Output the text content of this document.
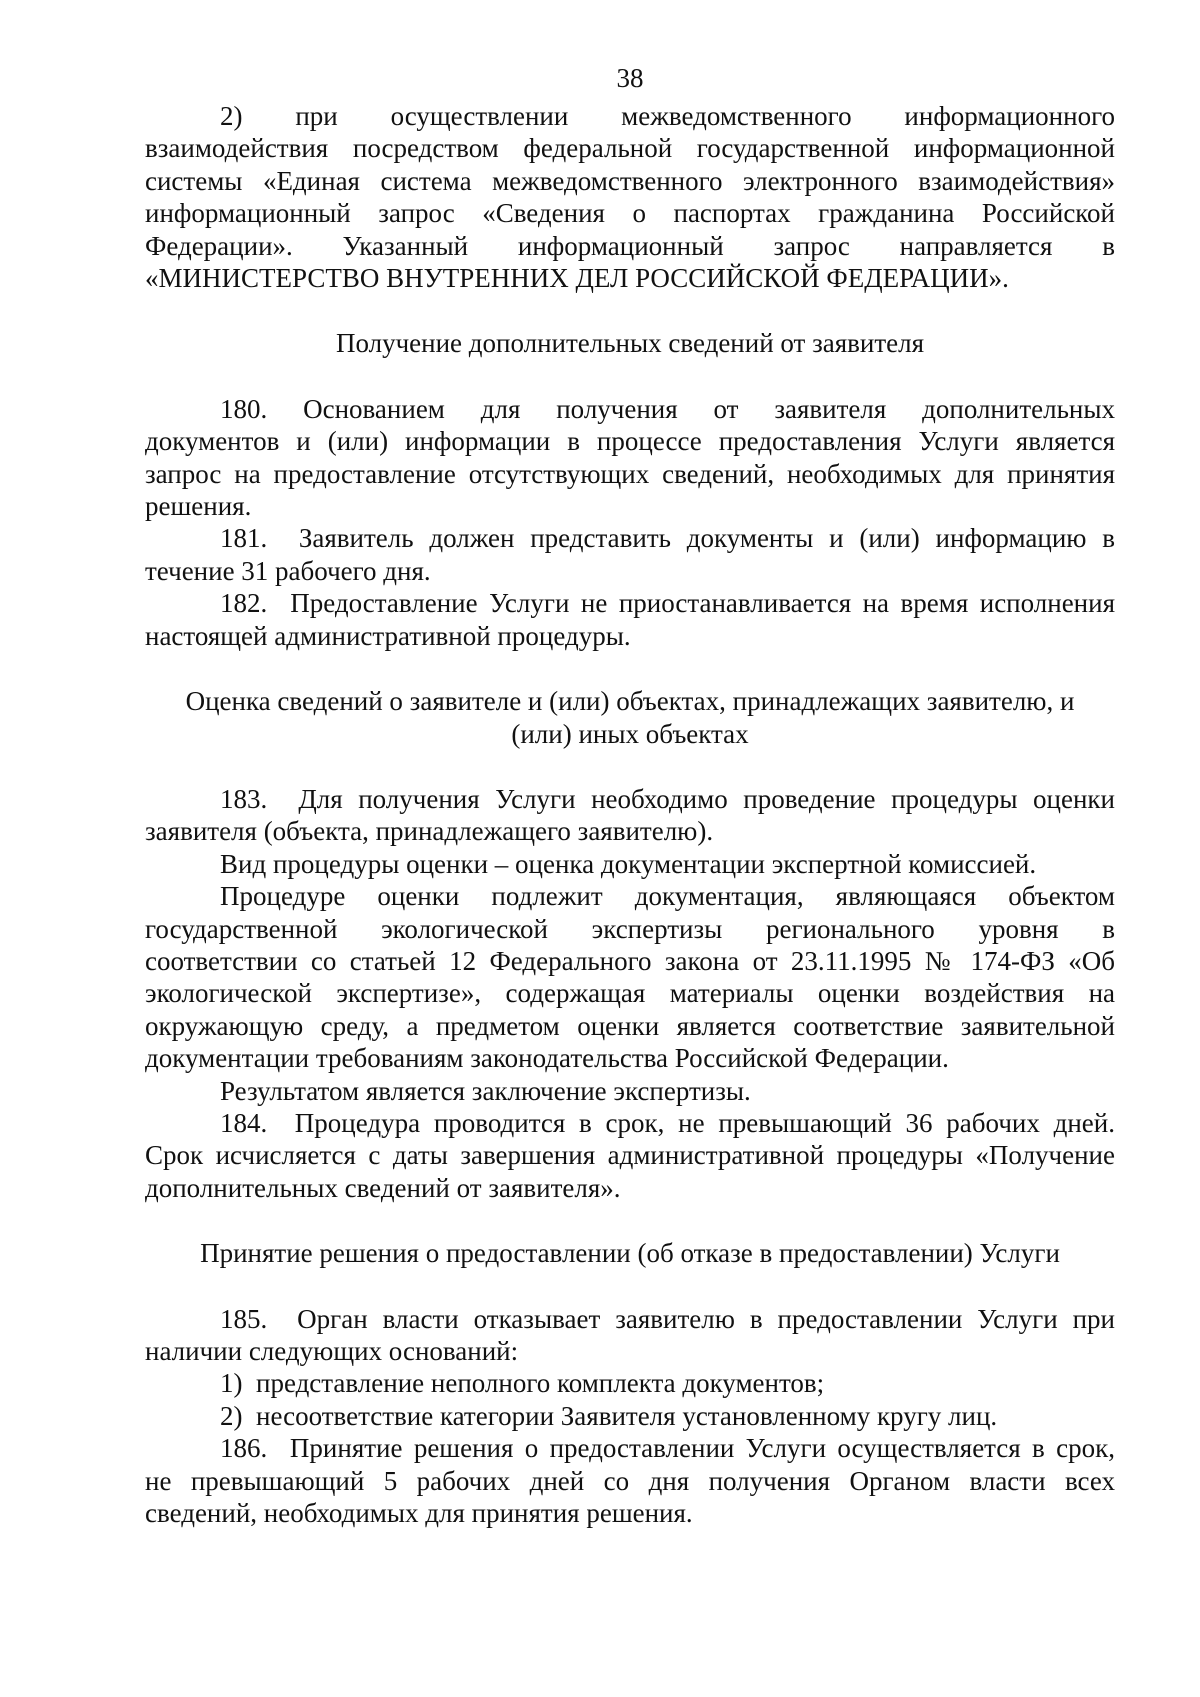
38
2) при осуществлении межведомственного информационного
взаимодействия посредством федеральной государственной информационной
системы «Единая система межведомственного электронного взаимодействия»
информационный запрос «Сведения о паспортах гражданина Российской
Федерации». Указанный информационный запрос направляется в
«МИНИСТЕРСТВО ВНУТРЕННИХ ДЕЛ РОССИЙСКОЙ ФЕДЕРАЦИИ».
Получение дополнительных сведений от заявителя
180. Основанием для получения от заявителя дополнительных
документов и (или) информации в процессе предоставления Услуги является
запрос на предоставление отсутствующих сведений, необходимых для принятия
решения.
181.  Заявитель должен представить документы и (или) информацию в
течение 31 рабочего дня.
182.  Предоставление Услуги не приостанавливается на время исполнения
настоящей административной процедуры.
Оценка сведений о заявителе и (или) объектах, принадлежащих заявителю, и
(или) иных объектах
183.  Для получения Услуги необходимо проведение процедуры оценки
заявителя (объекта, принадлежащего заявителю).
Вид процедуры оценки – оценка документации экспертной комиссией.
Процедуре оценки подлежит документация, являющаяся объектом
государственной экологической экспертизы регионального уровня в
соответствии со статьей 12 Федерального закона от 23.11.1995 № 174-ФЗ «Об
экологической экспертизе», содержащая материалы оценки воздействия на
окружающую среду, а предметом оценки является соответствие заявительной
документации требованиям законодательства Российской Федерации.
Результатом является заключение экспертизы.
184.  Процедура проводится в срок, не превышающий 36 рабочих дней.
Срок исчисляется с даты завершения административной процедуры «Получение
дополнительных сведений от заявителя».
Принятие решения о предоставлении (об отказе в предоставлении) Услуги
185.  Орган власти отказывает заявителю в предоставлении Услуги при
наличии следующих оснований:
1)  представление неполного комплекта документов;
2)  несоответствие категории Заявителя установленному кругу лиц.
186.  Принятие решения о предоставлении Услуги осуществляется в срок,
не превышающий 5 рабочих дней со дня получения Органом власти всех
сведений, необходимых для принятия решения.
